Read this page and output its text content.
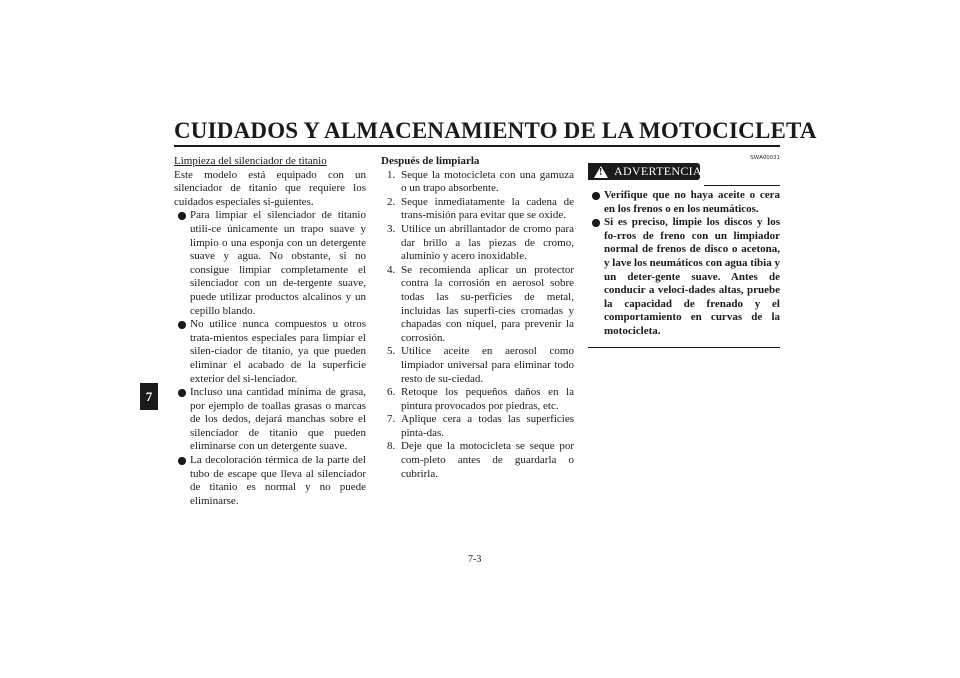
CUIDADOS Y ALMACENAMIENTO DE LA MOTOCICLETA
7
Limpieza del silenciador de titanio
Este modelo está equipado con un silenciador de titanio que requiere los cuidados especiales si-guientes.
Para limpiar el silenciador de titanio utili-ce únicamente un trapo suave y limpio o una esponja con un detergente suave y agua. No obstante, si no consigue limpiar completamente el silenciador con un de-tergente suave, puede utilizar productos alcalinos y un cepillo blando.
No utilice nunca compuestos u otros trata-mientos especiales para limpiar el silen-ciador de titanio, ya que pueden eliminar el acabado de la superficie exterior del si-lenciador.
Incluso una cantidad mínima de grasa, por ejemplo de toallas grasas o marcas de los dedos, dejará manchas sobre el silenciador de titanio que pueden eliminarse con un detergente suave.
La decoloración térmica de la parte del tubo de escape que lleva al silenciador de titanio es normal y no puede eliminarse.
Después de limpiarla
1. Seque la motocicleta con una gamuza o un trapo absorbente.
2. Seque inmediatamente la cadena de trans-misión para evitar que se oxide.
3. Utilice un abrillantador de cromo para dar brillo a las piezas de cromo, aluminio y acero inoxidable.
4. Se recomienda aplicar un protector contra la corrosión en aerosol sobre todas las su-perficies de metal, incluidas las superfi-cies cromadas y chapadas con níquel, para prevenir la corrosión.
5. Utilice aceite en aerosol como limpiador universal para eliminar todo resto de su-ciedad.
6. Retoque los pequeños daños en la pintura provocados por piedras, etc.
7. Aplique cera a todas las superficies pinta-das.
8. Deje que la motocicleta se seque por com-pleto antes de guardarla o cubrirla.
SWA00031
! ADVERTENCIA
Verifique que no haya aceite o cera en los frenos o en los neumáticos.
Si es preciso, limpie los discos y los fo-rros de freno con un limpiador normal de frenos de disco o acetona, y lave los neumáticos con agua tibia y un deter-gente suave. Antes de conducir a veloci-dades altas, pruebe la capacidad de frenado y el comportamiento en curvas de la motocicleta.
7-3
